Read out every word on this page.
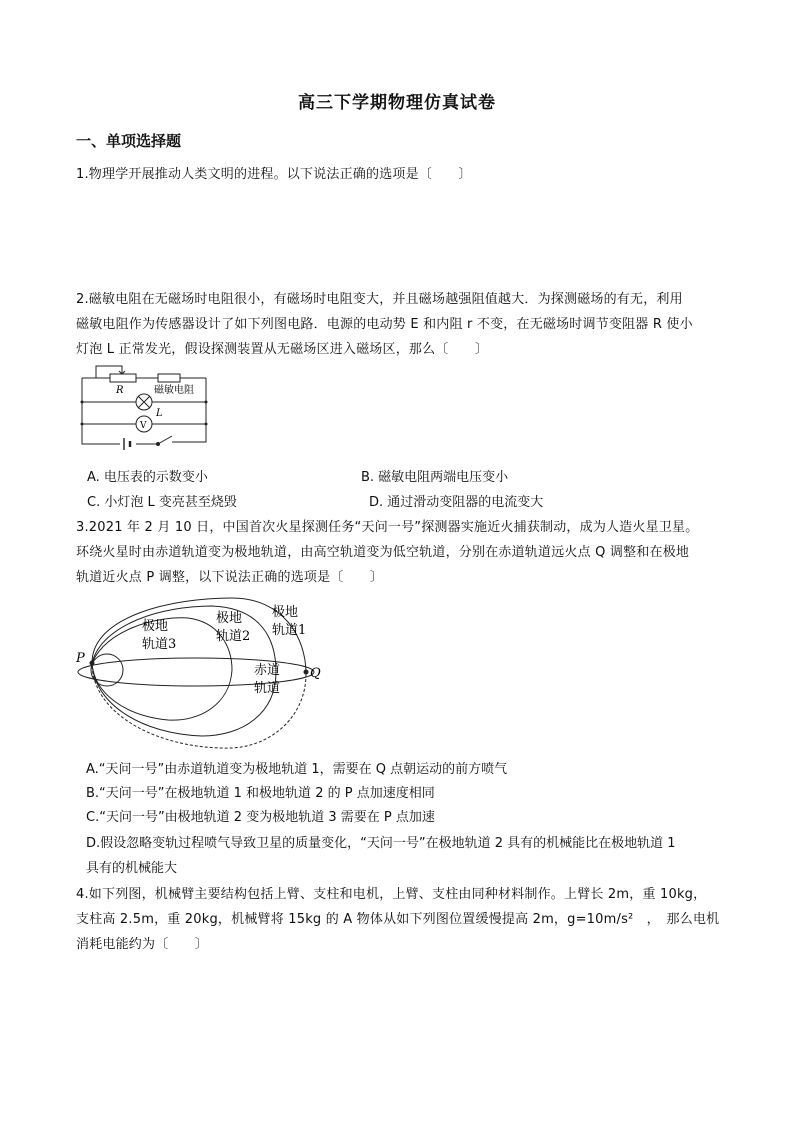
高三下学期物理仿真试卷
一、单项选择题
1.物理学开展推动人类文明的进程。以下说法正确的选项是〔　　〕
2.磁敏电阻在无磁场时电阻很小，有磁场时电阻变大，并且磁场越强阻值越大．为探测磁场的有无，利用
磁敏电阻作为传感器设计了如下列图电路．电源的电动势 E 和内阻 r 不变，在无磁场时调节变阻器 R 使小
灯泡 L 正常发光，假设探测装置从无磁场区进入磁场区，那么〔　　〕
R	磁敏电阻
L
V
A. 电压表的示数变小	B. 磁敏电阻两端电压变小
C. 小灯泡 L 变亮甚至烧毁	D. 通过滑动变阻器的电流变大
3.2021 年 2 月 10 日，中国首次火星探测任务“天问一号”探测器实施近火捕获制动，成为人造火星卫星。
环绕火星时由赤道轨道变为极地轨道，由高空轨道变为低空轨道，分别在赤道轨道远火点 Q 调整和在极地
轨道近火点 P 调整，以下说法正确的选项是〔　　〕
P
Q
极地
轨道3
极地
轨道2
极地
轨道1
赤道
轨道
A.“天问一号”由赤道轨道变为极地轨道 1，需要在 Q 点朝运动的前方喷气
B.“天问一号”在极地轨道 1 和极地轨道 2 的 P 点加速度相同
C.“天问一号”由极地轨道 2 变为极地轨道 3 需要在 P 点加速
D.假设忽略变轨过程喷气导致卫星的质量变化，“天问一号”在极地轨道 2 具有的机械能比在极地轨道 1
具有的机械能大
4.如下列图，机械臂主要结构包括上臂、支柱和电机，上臂、支柱由同种材料制作。上臂长 2m，重 10kg，
支柱高 2.5m，重 20kg，机械臂将 15kg 的 A 物体从如下列图位置缓慢提高 2m，g=10m/s²　，　那么电机
消耗电能约为〔　　〕
